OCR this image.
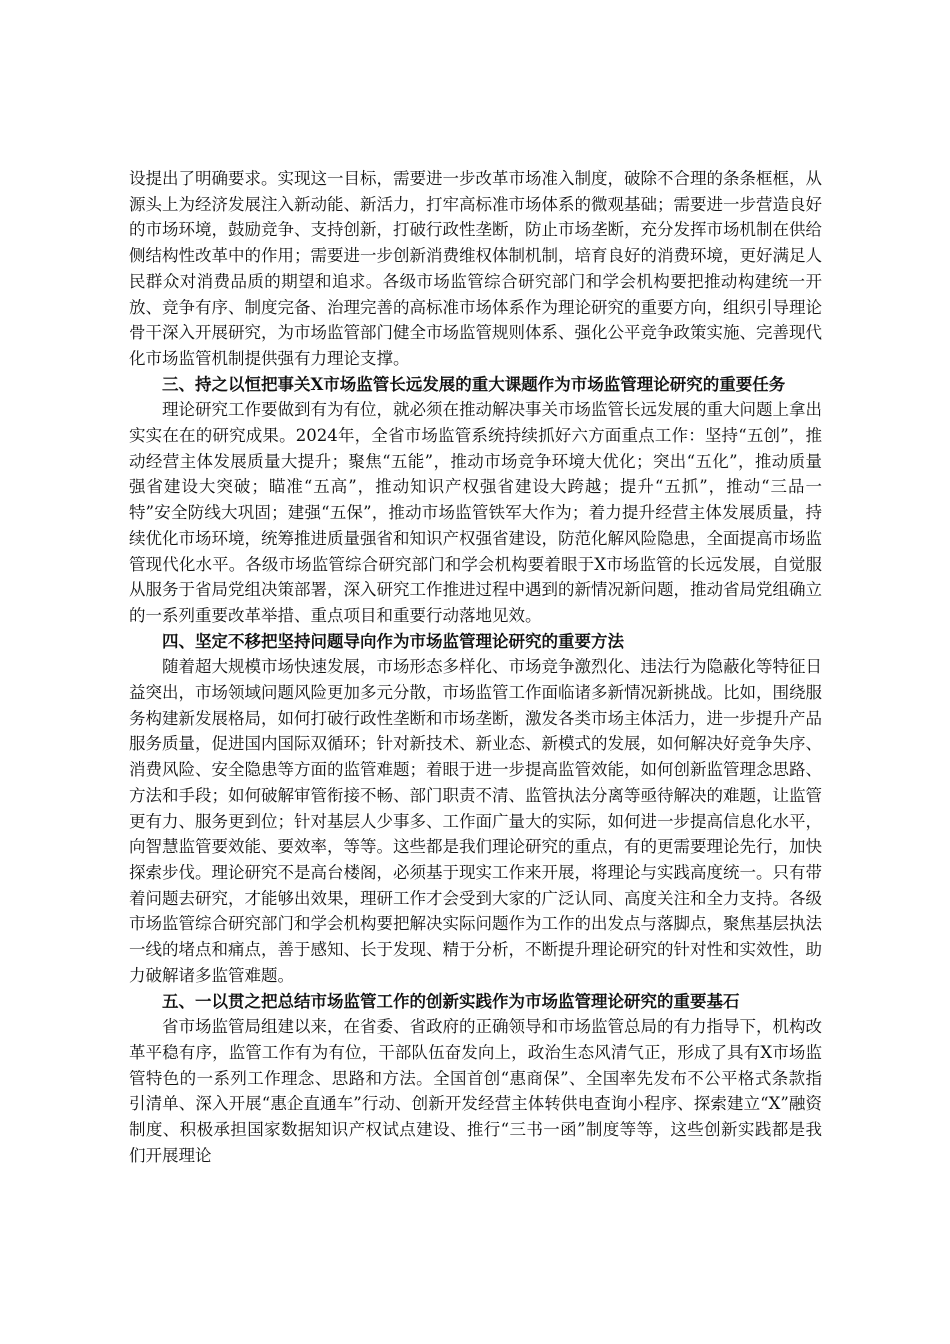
设提出了明确要求。实现这一目标，需要进一步改革市场准入制度，破除不合理的条条框框，从源头上为经济发展注入新动能、新活力，打牢高标准市场体系的微观基础；需要进一步营造良好的市场环境，鼓励竞争、支持创新，打破行政性垄断，防止市场垄断，充分发挥市场机制在供给侧结构性改革中的作用；需要进一步创新消费维权体制机制，培育良好的消费环境，更好满足人民群众对消费品质的期望和追求。各级市场监管综合研究部门和学会机构要把推动构建统一开放、竞争有序、制度完备、治理完善的高标准市场体系作为理论研究的重要方向，组织引导理论骨干深入开展研究，为市场监管部门健全市场监管规则体系、强化公平竞争政策实施、完善现代化市场监管机制提供强有力理论支撑。

三、持之以恒把事关X市场监管长远发展的重大课题作为市场监管理论研究的重要任务

理论研究工作要做到有为有位，就必须在推动解决事关市场监管长远发展的重大问题上拿出实实在在的研究成果。2024年，全省市场监管系统持续抓好六方面重点工作：坚持“五创”，推动经营主体发展质量大提升；聚焦“五能”，推动市场竞争环境大优化；突出“五化”，推动质量强省建设大突破；瞄准“五高”，推动知识产权强省建设大跨越；提升“五抓”，推动“三品一特”安全防线大巩固；建强“五保”，推动市场监管铁军大作为；着力提升经营主体发展质量，持续优化市场环境，统筹推进质量强省和知识产权强省建设，防范化解风险隐患，全面提高市场监管现代化水平。各级市场监管综合研究部门和学会机构要着眼于X市场监管的长远发展，自觉服从服务于省局党组决策部署，深入研究工作推进过程中遇到的新情况新问题，推动省局党组确立的一系列重要改革举措、重点项目和重要行动落地见效。

四、坚定不移把坚持问题导向作为市场监管理论研究的重要方法

随着超大规模市场快速发展，市场形态多样化、市场竞争激烈化、违法行为隐蔽化等特征日益突出，市场领域问题风险更加多元分散，市场监管工作面临诸多新情况新挑战。比如，围绕服务构建新发展格局，如何打破行政性垄断和市场垄断，激发各类市场主体活力，进一步提升产品服务质量，促进国内国际双循环；针对新技术、新业态、新模式的发展，如何解决好竞争失序、消费风险、安全隐患等方面的监管难题；着眼于进一步提高监管效能，如何创新监管理念思路、方法和手段；如何破解审管衔接不畅、部门职责不清、监管执法分离等亟待解决的难题，让监管更有力、服务更到位；针对基层人少事多、工作面广量大的实际，如何进一步提高信息化水平，向智慧监管要效能、要效率，等等。这些都是我们理论研究的重点，有的更需要理论先行，加快探索步伐。理论研究不是高台楼阁，必须基于现实工作来开展，将理论与实践高度统一。只有带着问题去研究，才能够出效果，理研工作才会受到大家的广泛认同、高度关注和全力支持。各级市场监管综合研究部门和学会机构要把解决实际问题作为工作的出发点与落脚点，聚焦基层执法一线的堵点和痛点，善于感知、长于发现、精于分析，不断提升理论研究的针对性和实效性，助力破解诸多监管难题。

五、一以贯之把总结市场监管工作的创新实践作为市场监管理论研究的重要基石

省市场监管局组建以来，在省委、省政府的正确领导和市场监管总局的有力指导下，机构改革平稳有序，监管工作有为有位，干部队伍奋发向上，政治生态风清气正，形成了具有X市场监管特色的一系列工作理念、思路和方法。全国首创“惠商保”、全国率先发布不公平格式条款指引清单、深入开展“惠企直通车”行动、创新开发经营主体转供电查询小程序、探索建立“X”融资制度、积极承担国家数据知识产权试点建设、推行“三书一函”制度等等，这些创新实践都是我们开展理论
